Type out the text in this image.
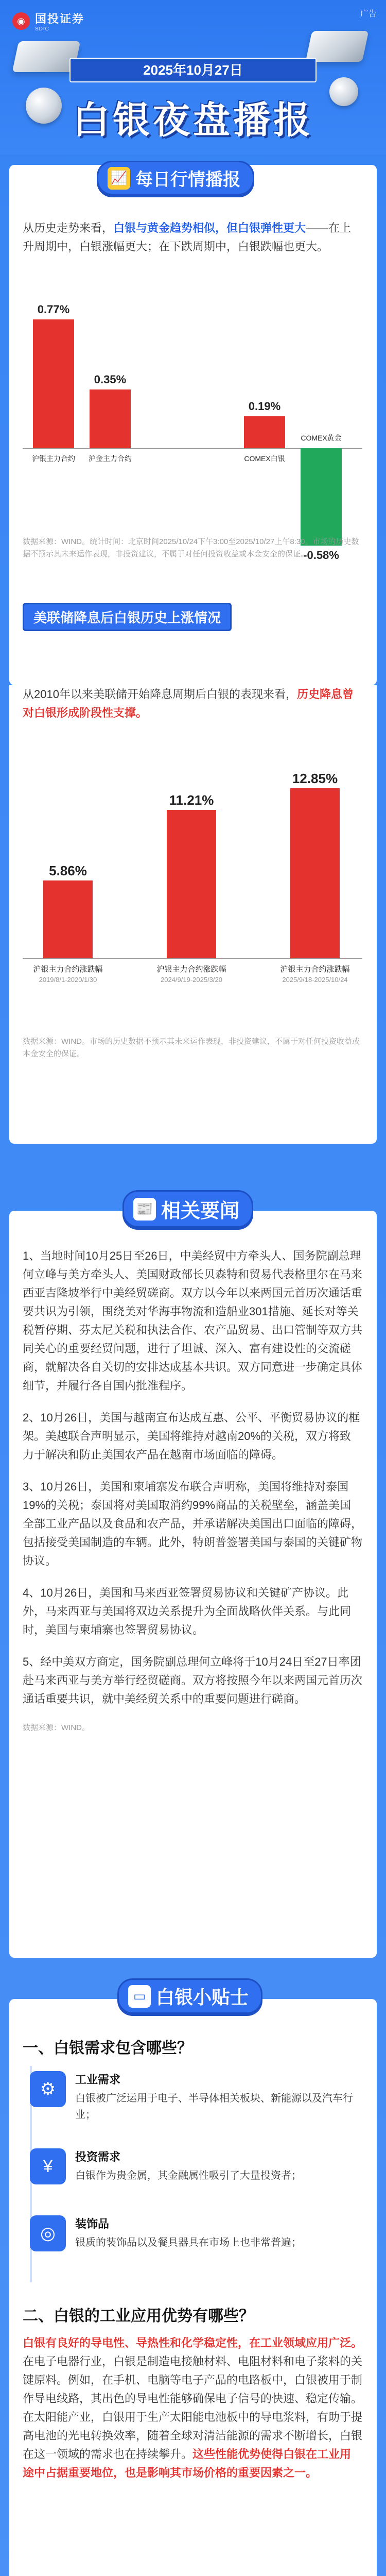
◉ 国投证券
SDIC
广告
2025年10月27日
白银夜盘播报
📈 每日行情播报
从历史走势来看，白银与黄金趋势相似，但白银弹性更大——在上升周期中，白银涨幅更大；在下跌周期中，白银跌幅也更大。
0.77%
沪银主力合约
0.35%
沪金主力合约
0.19%
COMEX白银
-0.58%
COMEX黄金
数据来源：WIND。统计时间：北京时间2025/10/24下午3:00至2025/10/27上午8:30。市场的历史数据不预示其未来运作表现，非投资建议，不属于对任何投资收益或本金安全的保证。
美联储降息后白银历史上涨情况
从2010年以来美联储开始降息周期后白银的表现来看，历史降息曾对白银形成阶段性支撑。
5.86%
沪银主力合约涨跌幅
2019/8/1-2020/1/30
11.21%
沪银主力合约涨跌幅
2024/9/19-2025/3/20
12.85%
沪银主力合约涨跌幅
2025/9/18-2025/10/24
数据来源：WIND。市场的历史数据不预示其未来运作表现，非投资建议，不属于对任何投资收益或本金安全的保证。
📰 相关要闻
1、当地时间10月25日至26日，中美经贸中方牵头人、国务院副总理何立峰与美方牵头人、美国财政部长贝森特和贸易代表格里尔在马来西亚吉隆坡举行中美经贸磋商。双方以今年以来两国元首历次通话重要共识为引领，围绕美对华海事物流和造船业301措施、延长对等关税暂停期、芬太尼关税和执法合作、农产品贸易、出口管制等双方共同关心的重要经贸问题，进行了坦诚、深入、富有建设性的交流磋商，就解决各自关切的安排达成基本共识。双方同意进一步确定具体细节，并履行各自国内批准程序。
2、10月26日，美国与越南宣布达成互惠、公平、平衡贸易协议的框架。美越联合声明显示，美国将维持对越南20%的关税，双方将致力于解决和防止美国农产品在越南市场面临的障碍。
3、10月26日，美国和柬埔寨发布联合声明称，美国将维持对泰国19%的关税；泰国将对美国取消约99%商品的关税壁垒，涵盖美国全部工业产品以及食品和农产品，并承诺解决美国出口面临的障碍，包括接受美国制造的车辆。此外，特朗普签署美国与泰国的关键矿物协议。
4、10月26日，美国和马来西亚签署贸易协议和关键矿产协议。此外，马来西亚与美国将双边关系提升为全面战略伙伴关系。与此同时，美国与柬埔寨也签署贸易协议。
5、经中美双方商定，国务院副总理何立峰将于10月24日至27日率团赴马来西亚与美方举行经贸磋商。双方将按照今年以来两国元首历次通话重要共识，就中美经贸关系中的重要问题进行磋商。
数据来源：WIND。
▭ 白银小贴士
一、白银需求包含哪些？
⚙	工业需求
白银被广泛运用于电子、半导体相关板块、新能源以及汽车行业；
¥	投资需求
白银作为贵金属，其金融属性吸引了大量投资者；
◎	装饰品
银质的装饰品以及餐具器具在市场上也非常普遍；
二、白银的工业应用优势有哪些？
白银有良好的导电性、导热性和化学稳定性，在工业领域应用广泛。在电子电器行业，白银是制造电接触材料、电阻材料和电子浆料的关键原料。例如，在手机、电脑等电子产品的电路板中，白银被用于制作导电线路，其出色的导电性能够确保电子信号的快速、稳定传输。在太阳能产业，白银用于生产太阳能电池板中的导电浆料，有助于提高电池的光电转换效率，随着全球对清洁能源的需求不断增长，白银在这一领域的需求也在持续攀升。这些性能优势使得白银在工业用途中占据重要地位，也是影响其市场价格的重要因素之一。
